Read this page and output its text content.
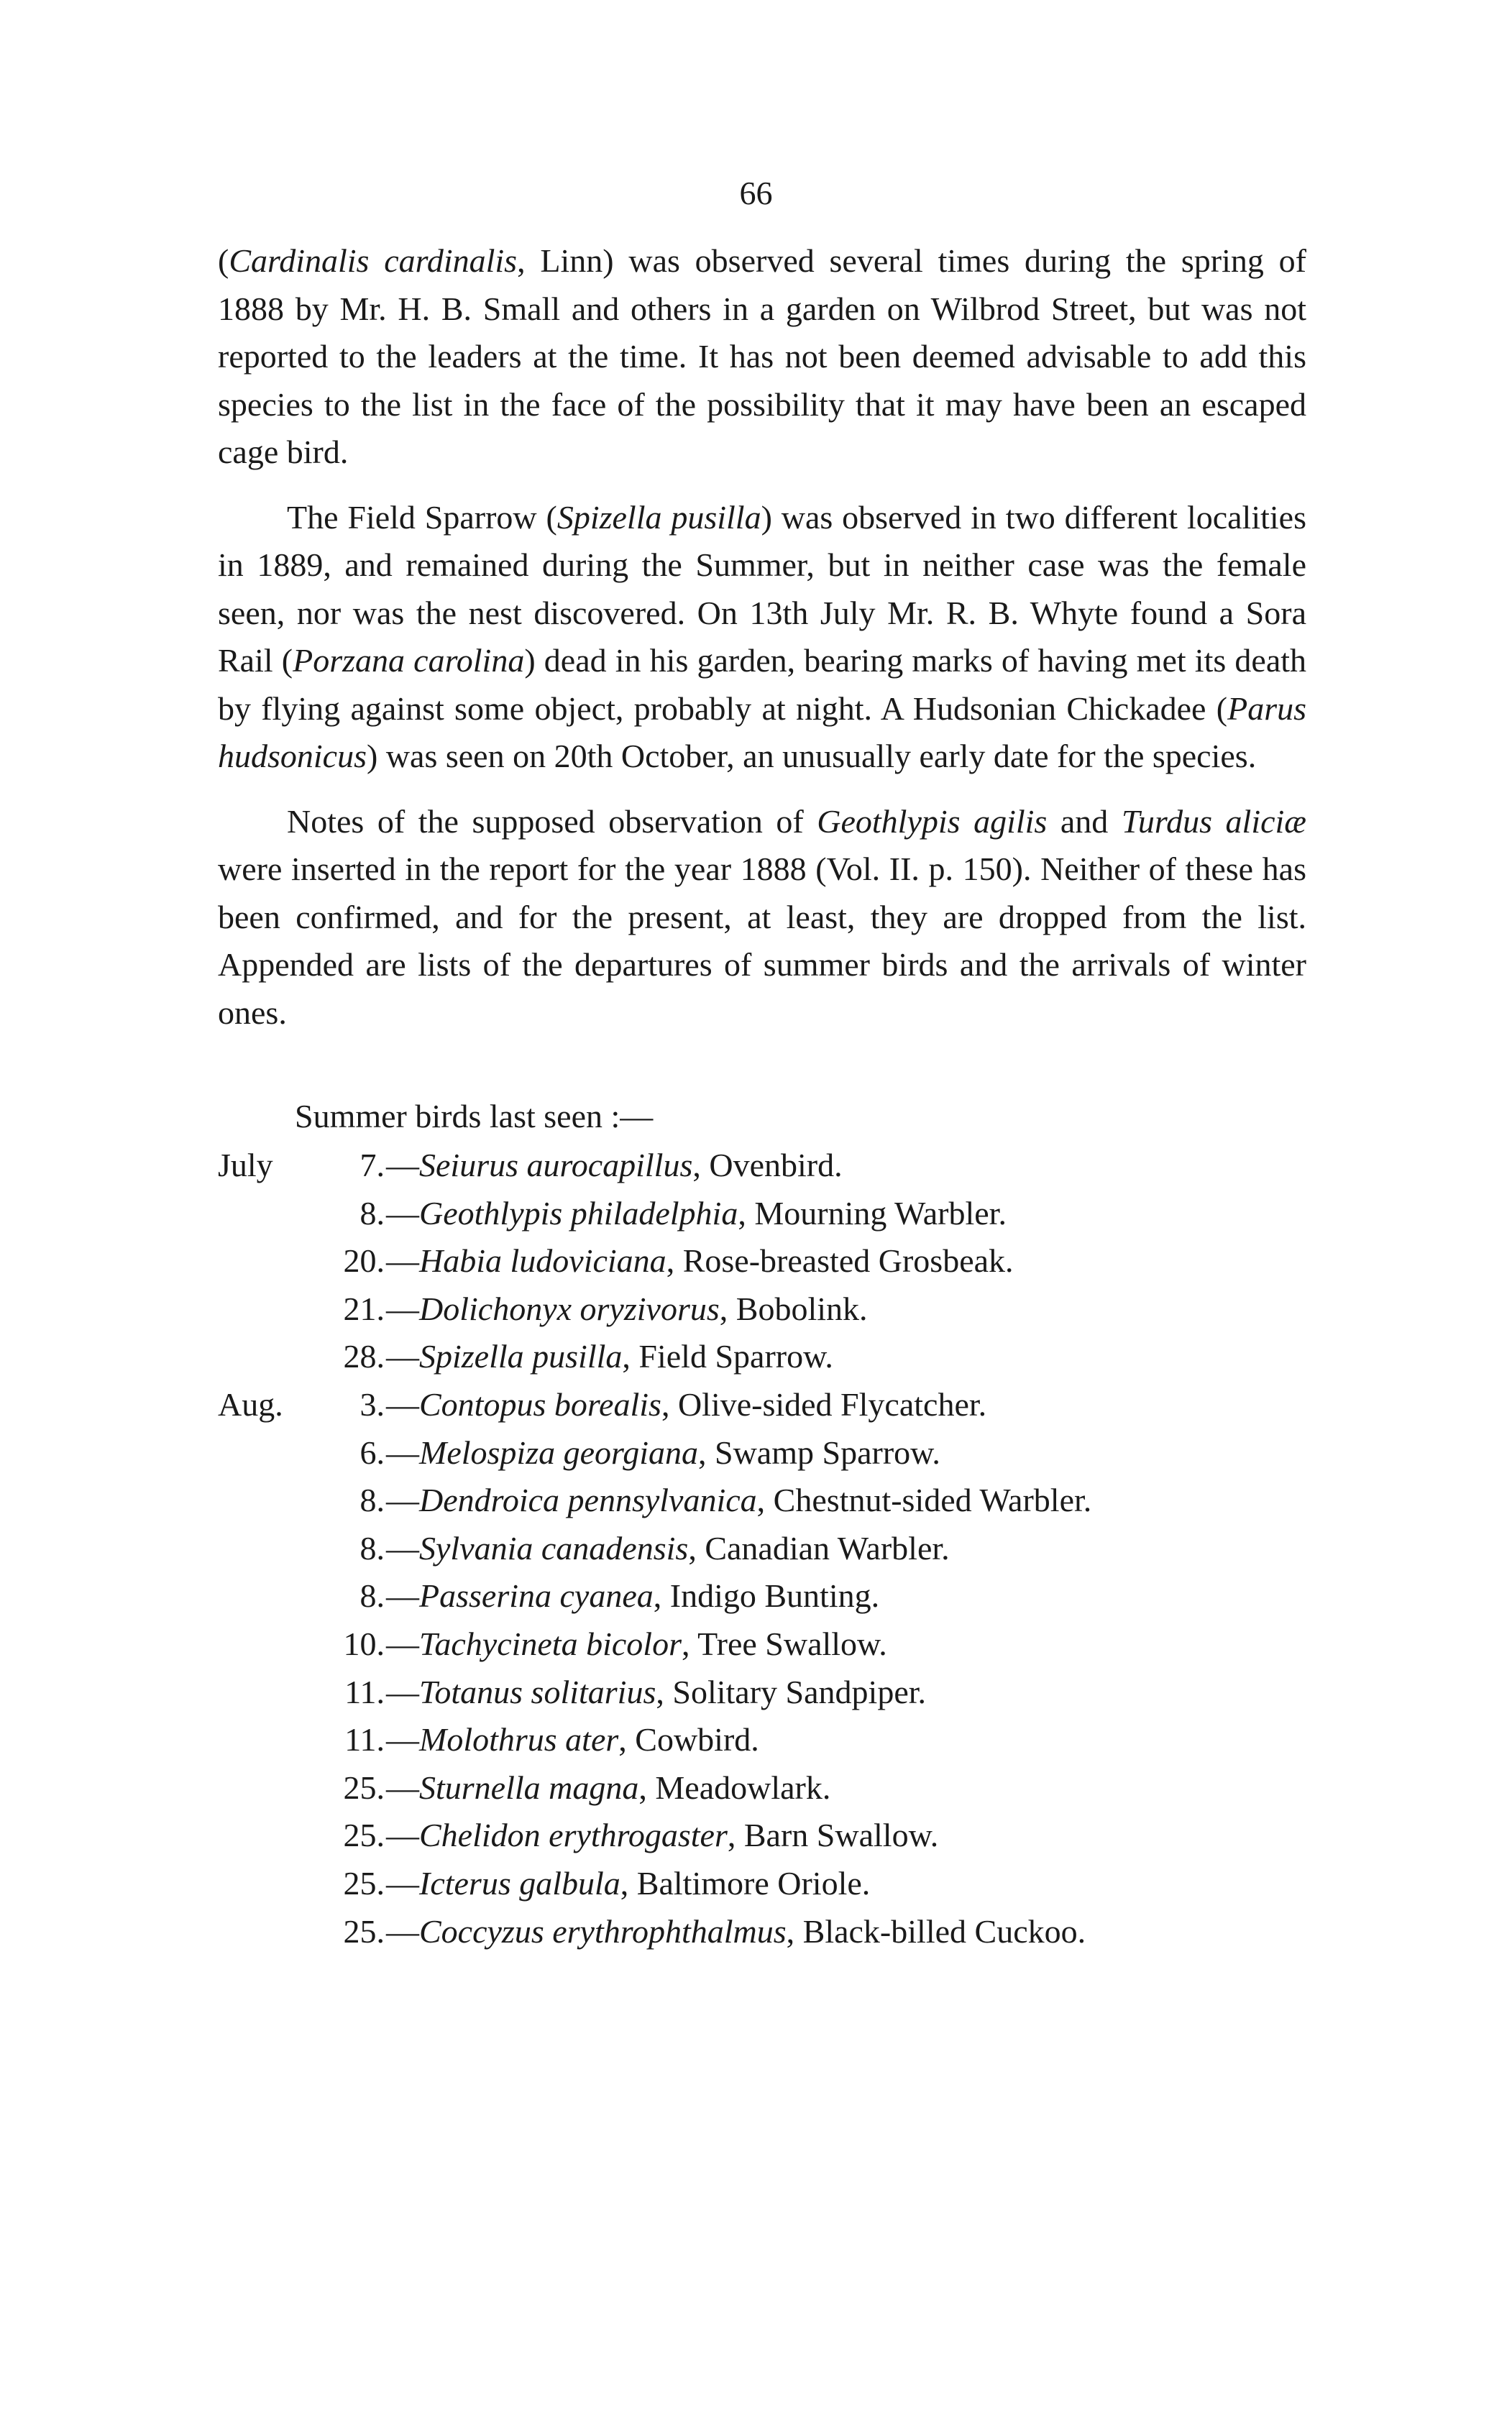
66

(Cardinalis cardinalis, Linn) was observed several times during the spring of 1888 by Mr. H. B. Small and others in a garden on Wilbrod Street, but was not reported to the leaders at the time. It has not been deemed advisable to add this species to the list in the face of the possibility that it may have been an escaped cage bird.

The Field Sparrow (Spizella pusilla) was observed in two different localities in 1889, and remained during the Summer, but in neither case was the female seen, nor was the nest discovered. On 13th July Mr. R. B. Whyte found a Sora Rail (Porzana carolina) dead in his garden, bearing marks of having met its death by flying against some object, probably at night. A Hudsonian Chickadee (Parus hudsonicus) was seen on 20th October, an unusually early date for the species.

Notes of the supposed observation of Geothlypis agilis and Turdus aliciæ were inserted in the report for the year 1888 (Vol. II. p. 150). Neither of these has been confirmed, and for the present, at least, they are dropped from the list. Appended are lists of the departures of summer birds and the arrivals of winter ones.

Summer birds last seen :—
July	7. —Seiurus aurocapillus, Ovenbird.
8. —Geothlypis philadelphia, Mourning Warbler.
20. —Habia ludoviciana, Rose-breasted Grosbeak.
21. —Dolichonyx oryzivorus, Bobolink.
28. —Spizella pusilla, Field Sparrow.
Aug.	3. —Contopus borealis, Olive-sided Flycatcher.
6. —Melospiza georgiana, Swamp Sparrow.
8. —Dendroica pennsylvanica, Chestnut-sided Warbler.
8. —Sylvania canadensis, Canadian Warbler.
8. —Passerina cyanea, Indigo Bunting.
10. —Tachycineta bicolor, Tree Swallow.
11. —Totanus solitarius, Solitary Sandpiper.
11. —Molothrus ater, Cowbird.
25. —Sturnella magna, Meadowlark.
25. —Chelidon erythrogaster, Barn Swallow.
25. —Icterus galbula, Baltimore Oriole.
25. —Coccyzus erythrophthalmus, Black-billed Cuckoo.
